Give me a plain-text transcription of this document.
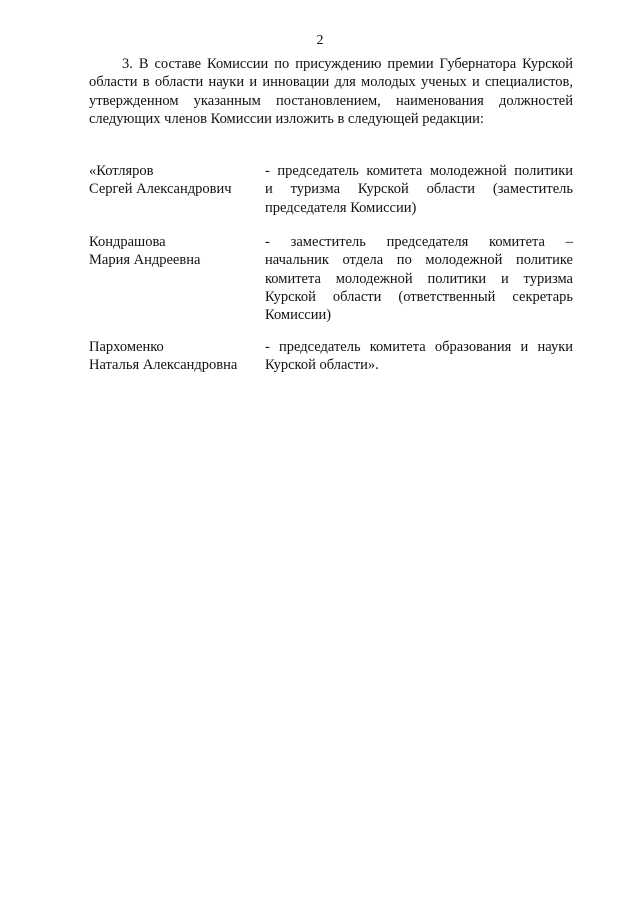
2

3. В составе Комиссии по присуждению премии Губернатора Курской области в области науки и инновации для молодых ученых и специалистов, утвержденном указанным постановлением, наименования должностей следующих членов Комиссии изложить в следующей редакции:

«Котляров
Сергей Александрович
- председатель комитета молодежной политики
и туризма Курской области (заместитель
председателя Комиссии)
Кондрашова
Мария Андреевна
- заместитель председателя комитета –
начальник отдела по молодежной политике
комитета молодежной политики и туризма
Курской области (ответственный секретарь
Комиссии)
Пархоменко
Наталья Александровна
- председатель комитета образования и науки
Курской области».
